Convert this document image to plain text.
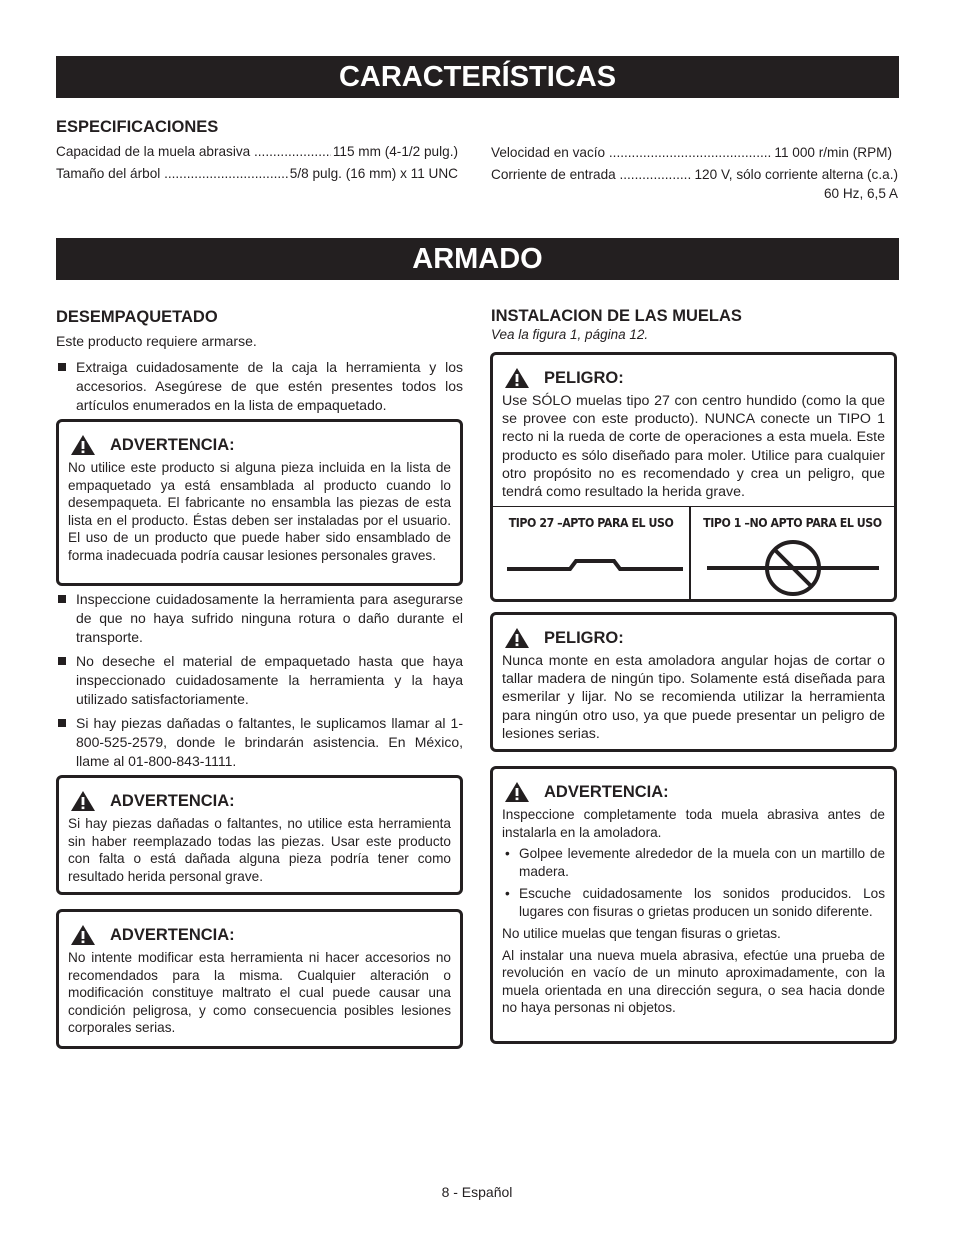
CARACTERÍSTICAS

ESPECIFICACIONES

Capacidad de la muela abrasiva .....	115 mm (4-1/2 pulg.)
Tamaño del árbol .....	5/8 pulg. (16 mm) x 11 UNC
Velocidad en vacío .....	11 000 r/min (RPM)
Corriente de entrada .....	120 V, sólo corriente alterna (c.a.)
60 Hz, 6,5 A
ARMADO

DESEMPAQUETADO

Este producto requiere armarse.

Extraiga cuidadosamente de la caja la herramienta y los accesorios. Asegúrese de que estén presentes todos los artículos enumerados en la lista de empaquetado.
ADVERTENCIA:

No utilice este producto si alguna pieza incluida en la lista de empaquetado ya está ensamblada al producto cuando lo desempaqueta. El fabricante no ensambla las piezas de esta lista en el producto. Éstas deben ser instaladas por el usuario. El uso de un producto que puede haber sido ensamblado de forma inadecuada podría causar lesiones personales graves.

Inspeccione cuidadosamente la herramienta para asegurarse de que no haya sufrido ninguna rotura o daño durante el transporte.
No deseche el material de empaquetado hasta que haya inspeccionado cuidadosamente la herramienta y la haya utilizado satisfactoriamente.
Si hay piezas dañadas o faltantes, le suplicamos llamar al 1-800-525-2579, donde le brindarán asistencia. En México, llame al 01-800-843-1111.
ADVERTENCIA:

Si hay piezas dañadas o faltantes, no utilice esta herramienta sin haber reemplazado todas las piezas. Usar este producto con falta o está dañada alguna pieza podría tener como resultado herida personal grave.

ADVERTENCIA:

No intente modificar esta herramienta ni hacer accesorios no recomendados para la misma. Cualquier alteración o modificación constituye maltrato el cual puede causar una condición peligrosa, y como consecuencia posibles lesiones corporales serias.

INSTALACION DE LAS MUELAS

Vea la figura 1, página 12.
PELIGRO:

Use SÓLO muelas tipo 27 con centro hundido (como la que se provee con este producto). NUNCA conecte un TIPO 1 recto ni la rueda de corte de operaciones a esta muela. Este producto es sólo diseñado para moler. Utilice para cualquier otro propósito no es recomendado y crea un peligro, que tendrá como resultado la herida grave.

TIPO 27 –APTO PARA EL USO	TIPO 1 –NO APTO PARA EL USO
PELIGRO:

Nunca monte en esta amoladora angular hojas de cortar o tallar madera de ningún tipo. Solamente está diseñada para esmerilar y lijar. No se recomienda utilizar la herramienta para ningún otro uso, ya que puede presentar un peligro de lesiones serias.

ADVERTENCIA:

Inspeccione completamente toda muela abrasiva antes de instalarla en la amoladora.

• Golpee levemente alrededor de la muela con un martillo de madera.
• Escuche cuidadosamente los sonidos producidos. Los lugares con fisuras o grietas producen un sonido diferente.

No utilice muelas que tengan fisuras o grietas.

Al instalar una nueva muela abrasiva, efectúe una prueba de revolución en vacío de un minuto aproximadamente, con la muela orientada en una dirección segura, o sea hacia donde no haya personas ni objetos.

8 - Español
